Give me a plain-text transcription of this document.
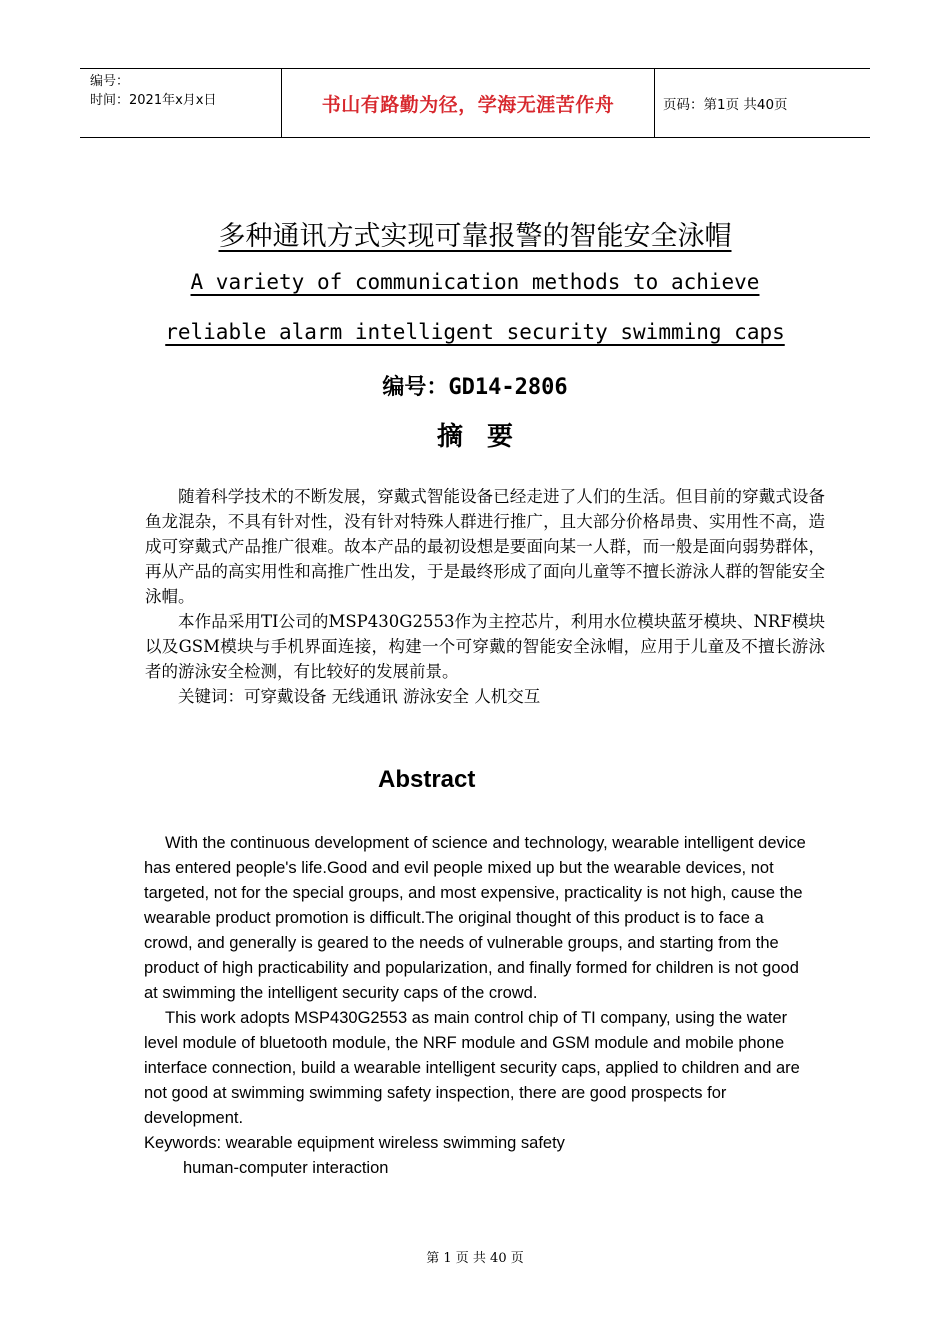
编号：
时间：2021年x月x日	书山有路勤为径，学海无涯苦作舟	页码：第1页 共40页
多种通讯方式实现可靠报警的智能安全泳帽
A variety of communication methods to achieve
reliable alarm intelligent security swimming caps
编号：GD14-2806
摘要

随着科学技术的不断发展，穿戴式智能设备已经走进了人们的生活。但目前的穿戴式设备鱼龙混杂，不具有针对性，没有针对特殊人群进行推广，且大部分价格昂贵、实用性不高，造成可穿戴式产品推广很难。故本产品的最初设想是要面向某一人群，而一般是面向弱势群体，再从产品的高实用性和高推广性出发，于是最终形成了面向儿童等不擅长游泳人群的智能安全泳帽。

本作品采用TI公司的MSP430G2553作为主控芯片，利用水位模块蓝牙模块、NRF模块以及GSM模块与手机界面连接，构建一个可穿戴的智能安全泳帽，应用于儿童及不擅长游泳者的游泳安全检测，有比较好的发展前景。

关键词：可穿戴设备 无线通讯 游泳安全 人机交互

Abstract

With the continuous development of science and technology, wearable intelligent device has entered people's life.Good and evil people mixed up but the wearable devices, not targeted, not for the special groups, and most expensive, practicality is not high, cause the wearable product promotion is difficult.The original thought of this product is to face a crowd, and generally is geared to the needs of vulnerable groups, and starting from the product of high practicability and popularization, and finally formed for children is not good at swimming the intelligent security caps of the crowd.

This work adopts MSP430G2553 as main control chip of TI company, using the water level module of bluetooth module, the NRF module and GSM module and mobile phone interface connection, build a wearable intelligent security caps, applied to children and are not good at swimming swimming safety inspection, there are good prospects for development.

Keywords: wearable equipment wireless swimming safety

human-computer interaction

第 1 页 共 40 页
